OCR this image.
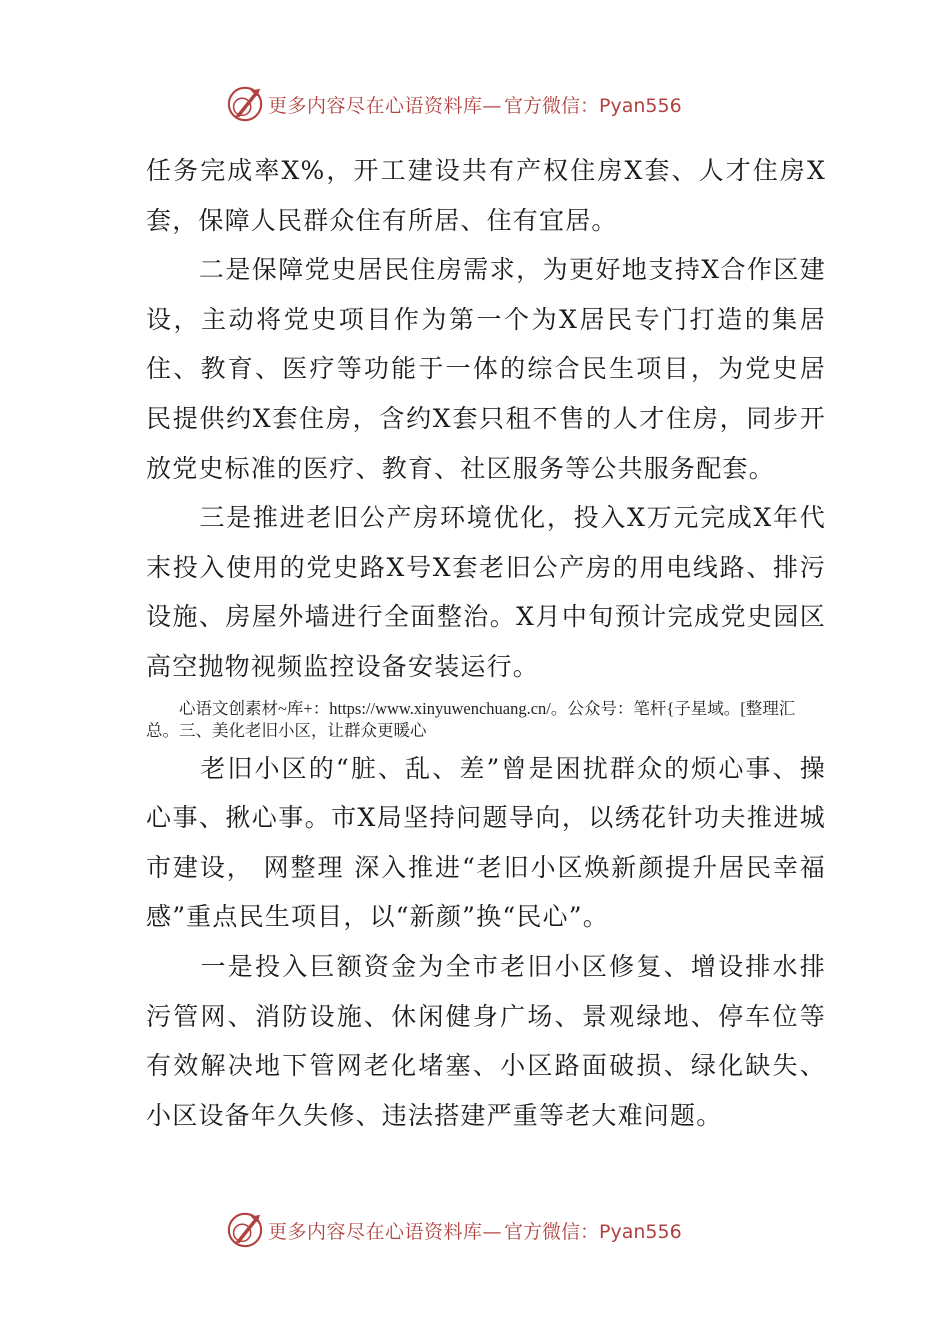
更多内容尽在心语资料库— 官方微信：Pyan556

任务完成率X%，开工建设共有产权住房X套、人才住房X套，保障人民群众住有所居、住有宜居。

　　二是保障党史居民住房需求，为更好地支持X合作区建设，主动将党史项目作为第一个为X居民专门打造的集居住、教育、医疗等功能于一体的综合民生项目，为党史居民提供约X套住房，含约X套只租不售的人才住房，同步开放党史标准的医疗、教育、社区服务等公共服务配套。

　　三是推进老旧公产房环境优化，投入X万元完成X年代末投入使用的党史路X号X套老旧公产房的用电线路、排污设施、房屋外墙进行全面整治。X月中旬预计完成党史园区高空抛物视频监控设备安装运行。

　　心语文创素材~库+：https://www.xinyuwenchuang.cn/。公众号：笔杆{子星域。[整理汇总。三、美化老旧小区，让群众更暖心

　　老旧小区的“脏、乱、差”曾是困扰群众的烦心事、操心事、揪心事。市X局坚持问题导向，以绣花针功夫推进城市建设， 网整理 深入推进“老旧小区焕新颜提升居民幸福感”重点民生项目，以“新颜”换“民心”。

　　一是投入巨额资金为全市老旧小区修复、增设排水排污管网、消防设施、休闲健身广场、景观绿地、停车位等有效解决地下管网老化堵塞、小区路面破损、绿化缺失、小区设备年久失修、违法搭建严重等老大难问题。

更多内容尽在心语资料库— 官方微信：Pyan556
